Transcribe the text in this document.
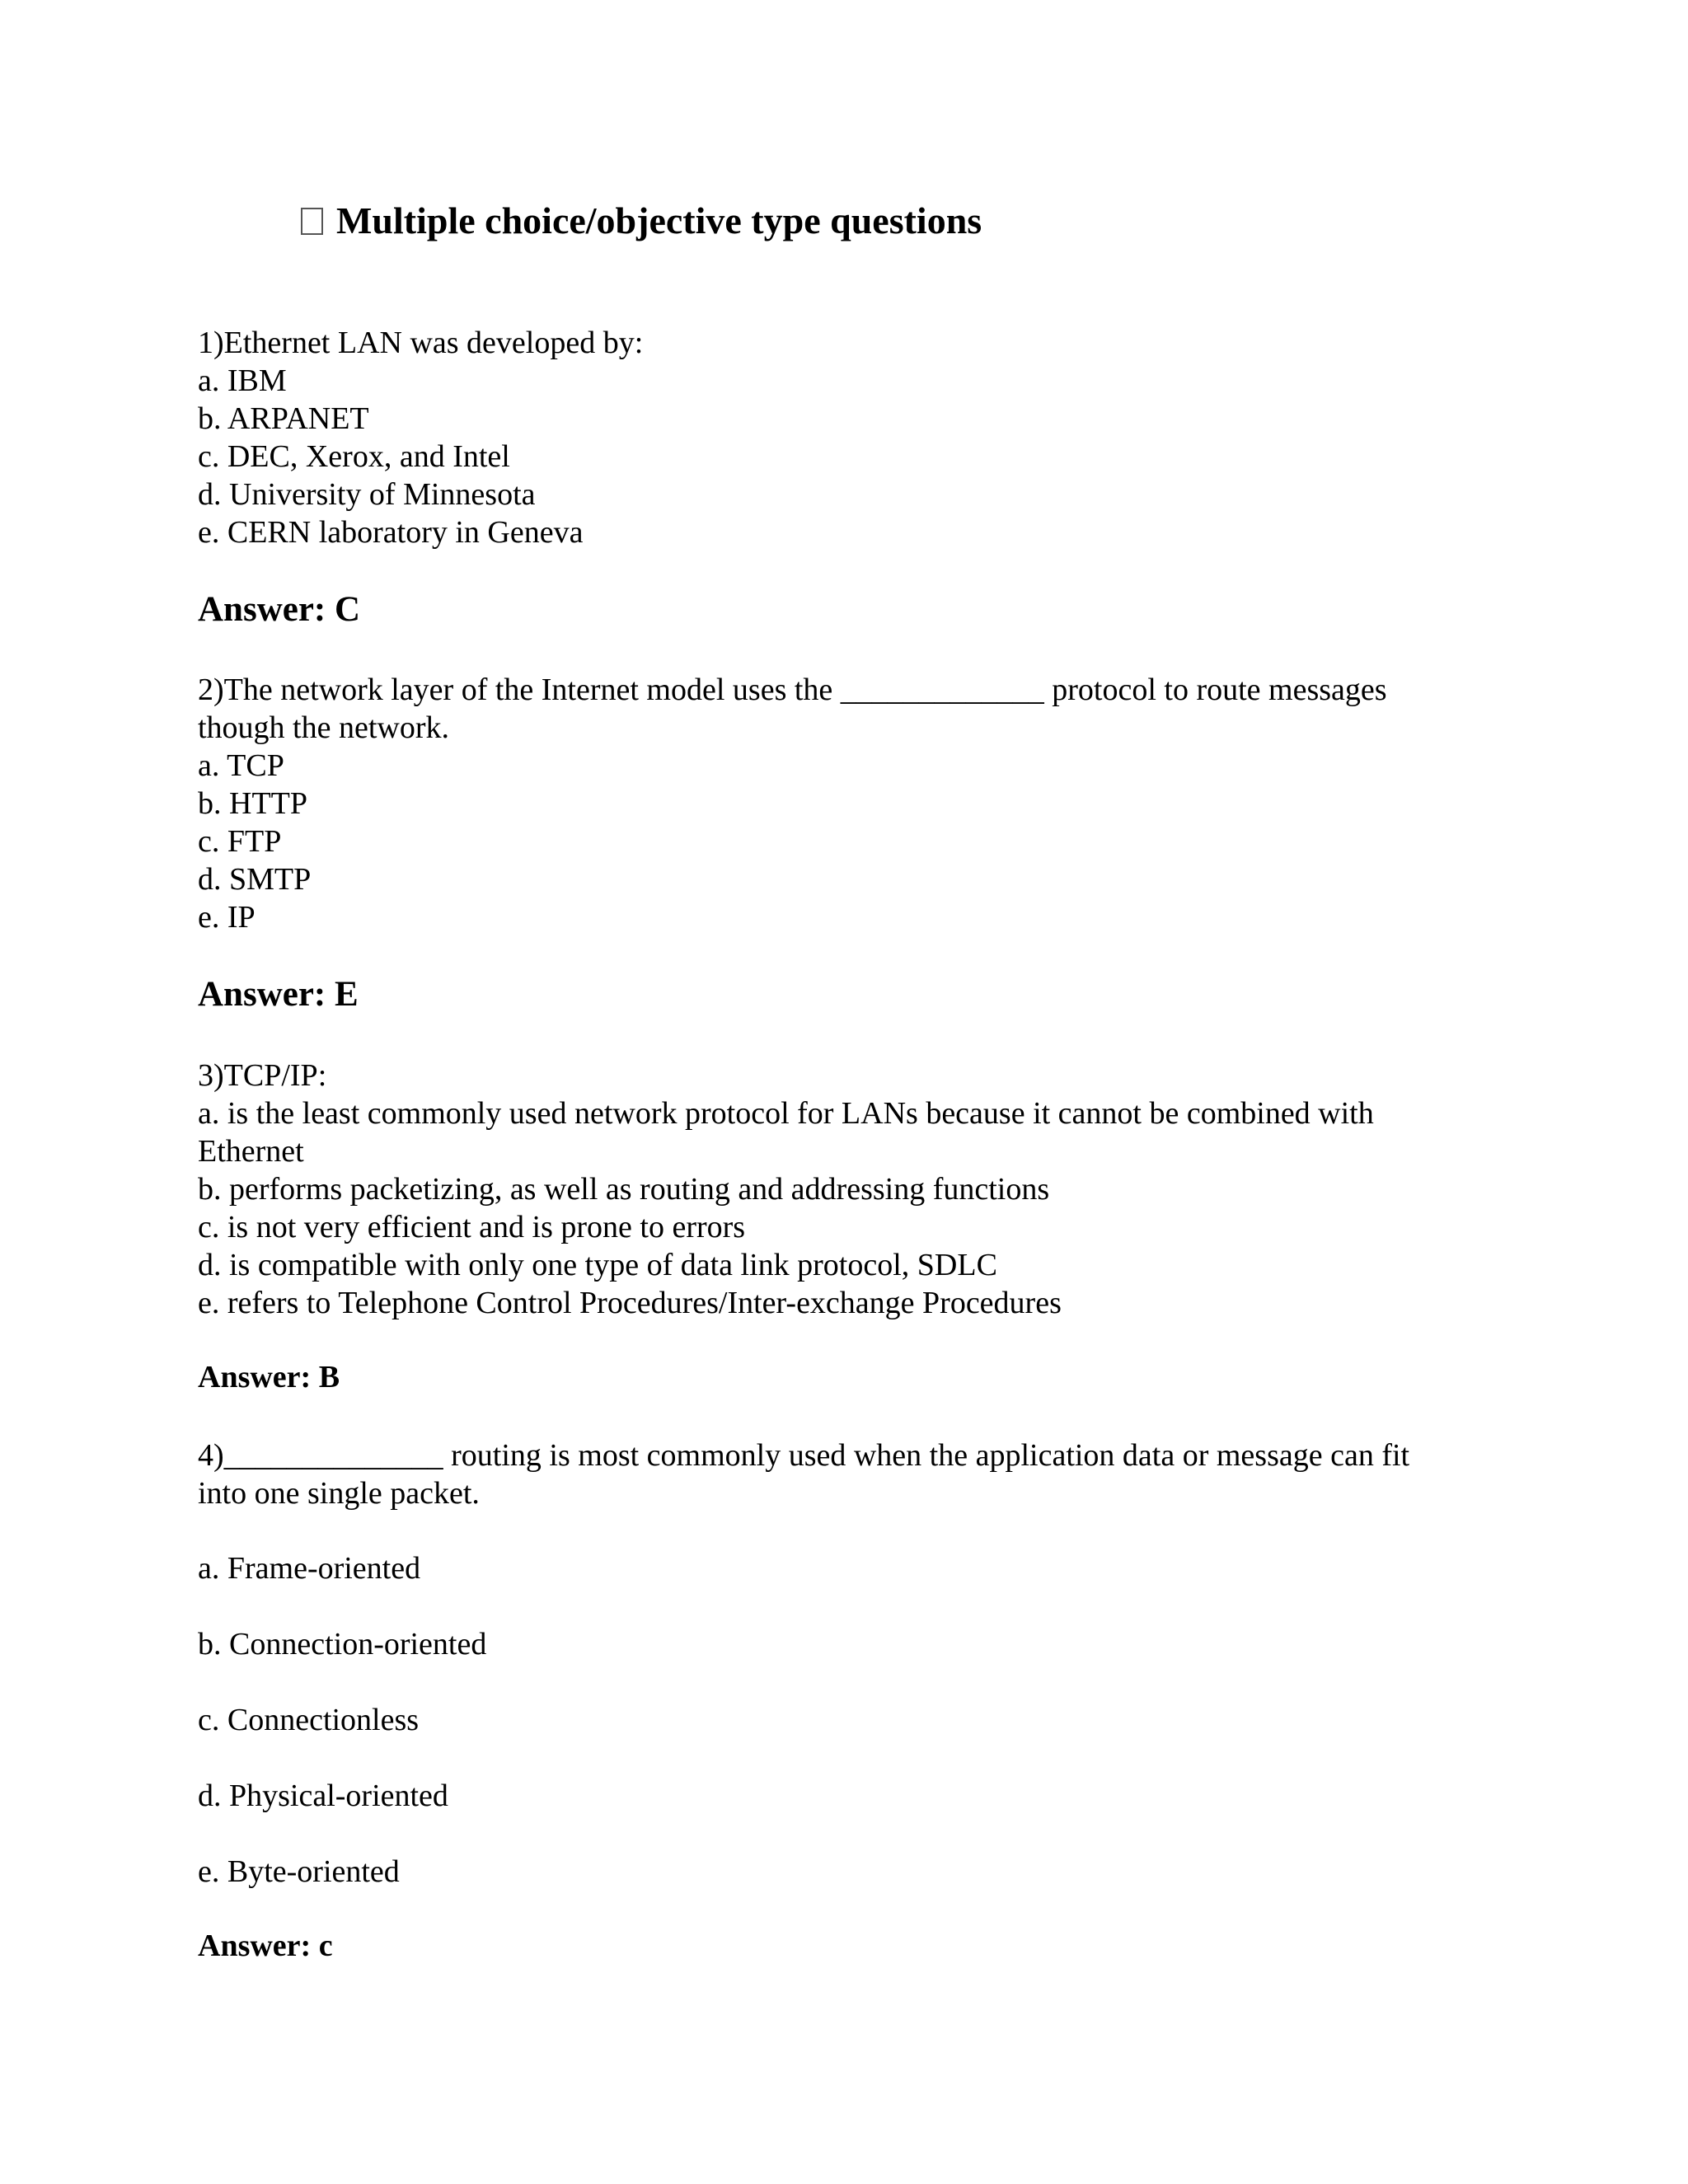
Multiple choice/objective type questions
1)Ethernet LAN was developed by:
a. IBM
b. ARPANET
c. DEC, Xerox, and Intel
d. University of Minnesota
e. CERN laboratory in Geneva
Answer: C
2)The network layer of the Internet model uses the _____________ protocol to route messages
though the network.
a. TCP
b. HTTP
c. FTP
d. SMTP
e. IP
Answer: E
3)TCP/IP:
a. is the least commonly used network protocol for LANs because it cannot be combined with
Ethernet
b. performs packetizing, as well as routing and addressing functions
c. is not very efficient and is prone to errors
d. is compatible with only one type of data link protocol, SDLC
e. refers to Telephone Control Procedures/Inter-exchange Procedures
Answer: B
4)______________ routing is most commonly used when the application data or message can fit
into one single packet.
a. Frame-oriented
b. Connection-oriented
c. Connectionless
d. Physical-oriented
e. Byte-oriented
Answer: c
